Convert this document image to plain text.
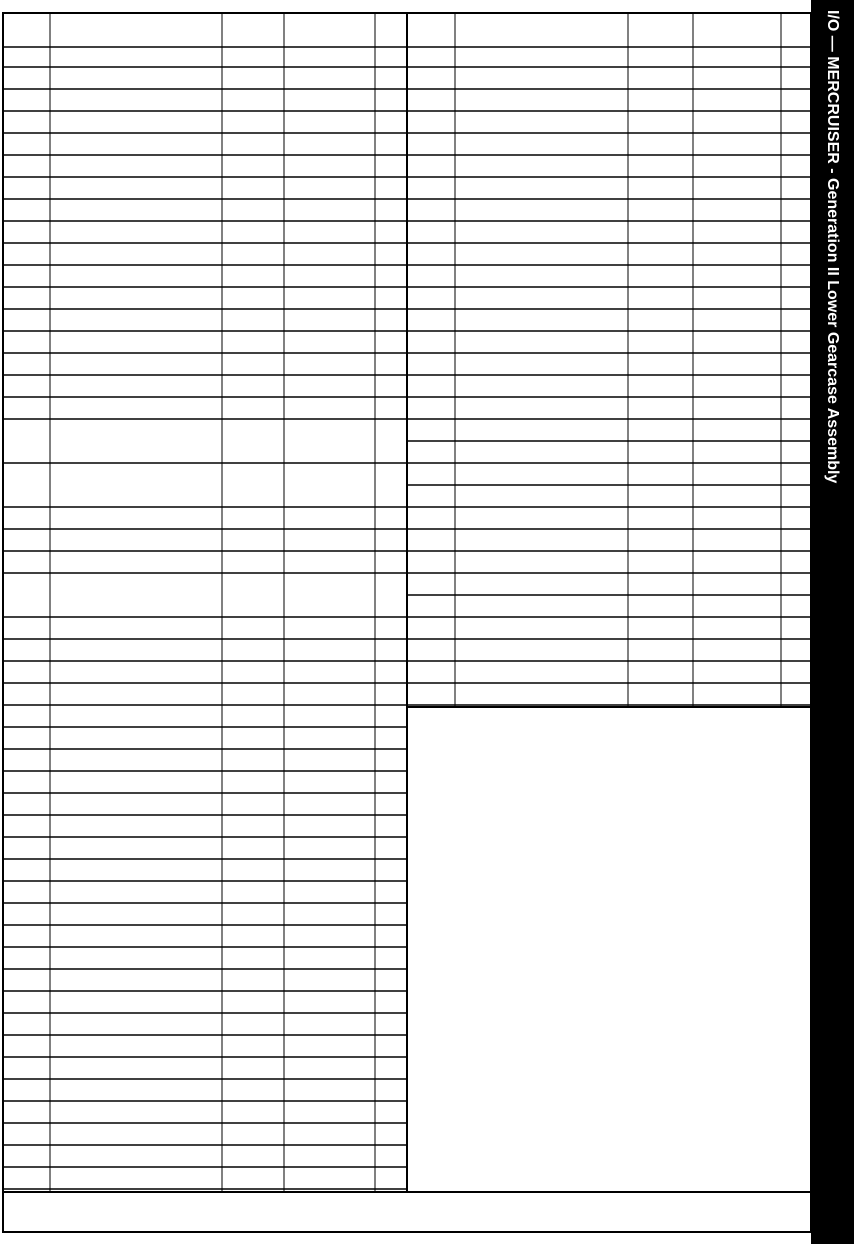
I/O — MERCRUISER - Generation II Lower Gearcase Assembly
